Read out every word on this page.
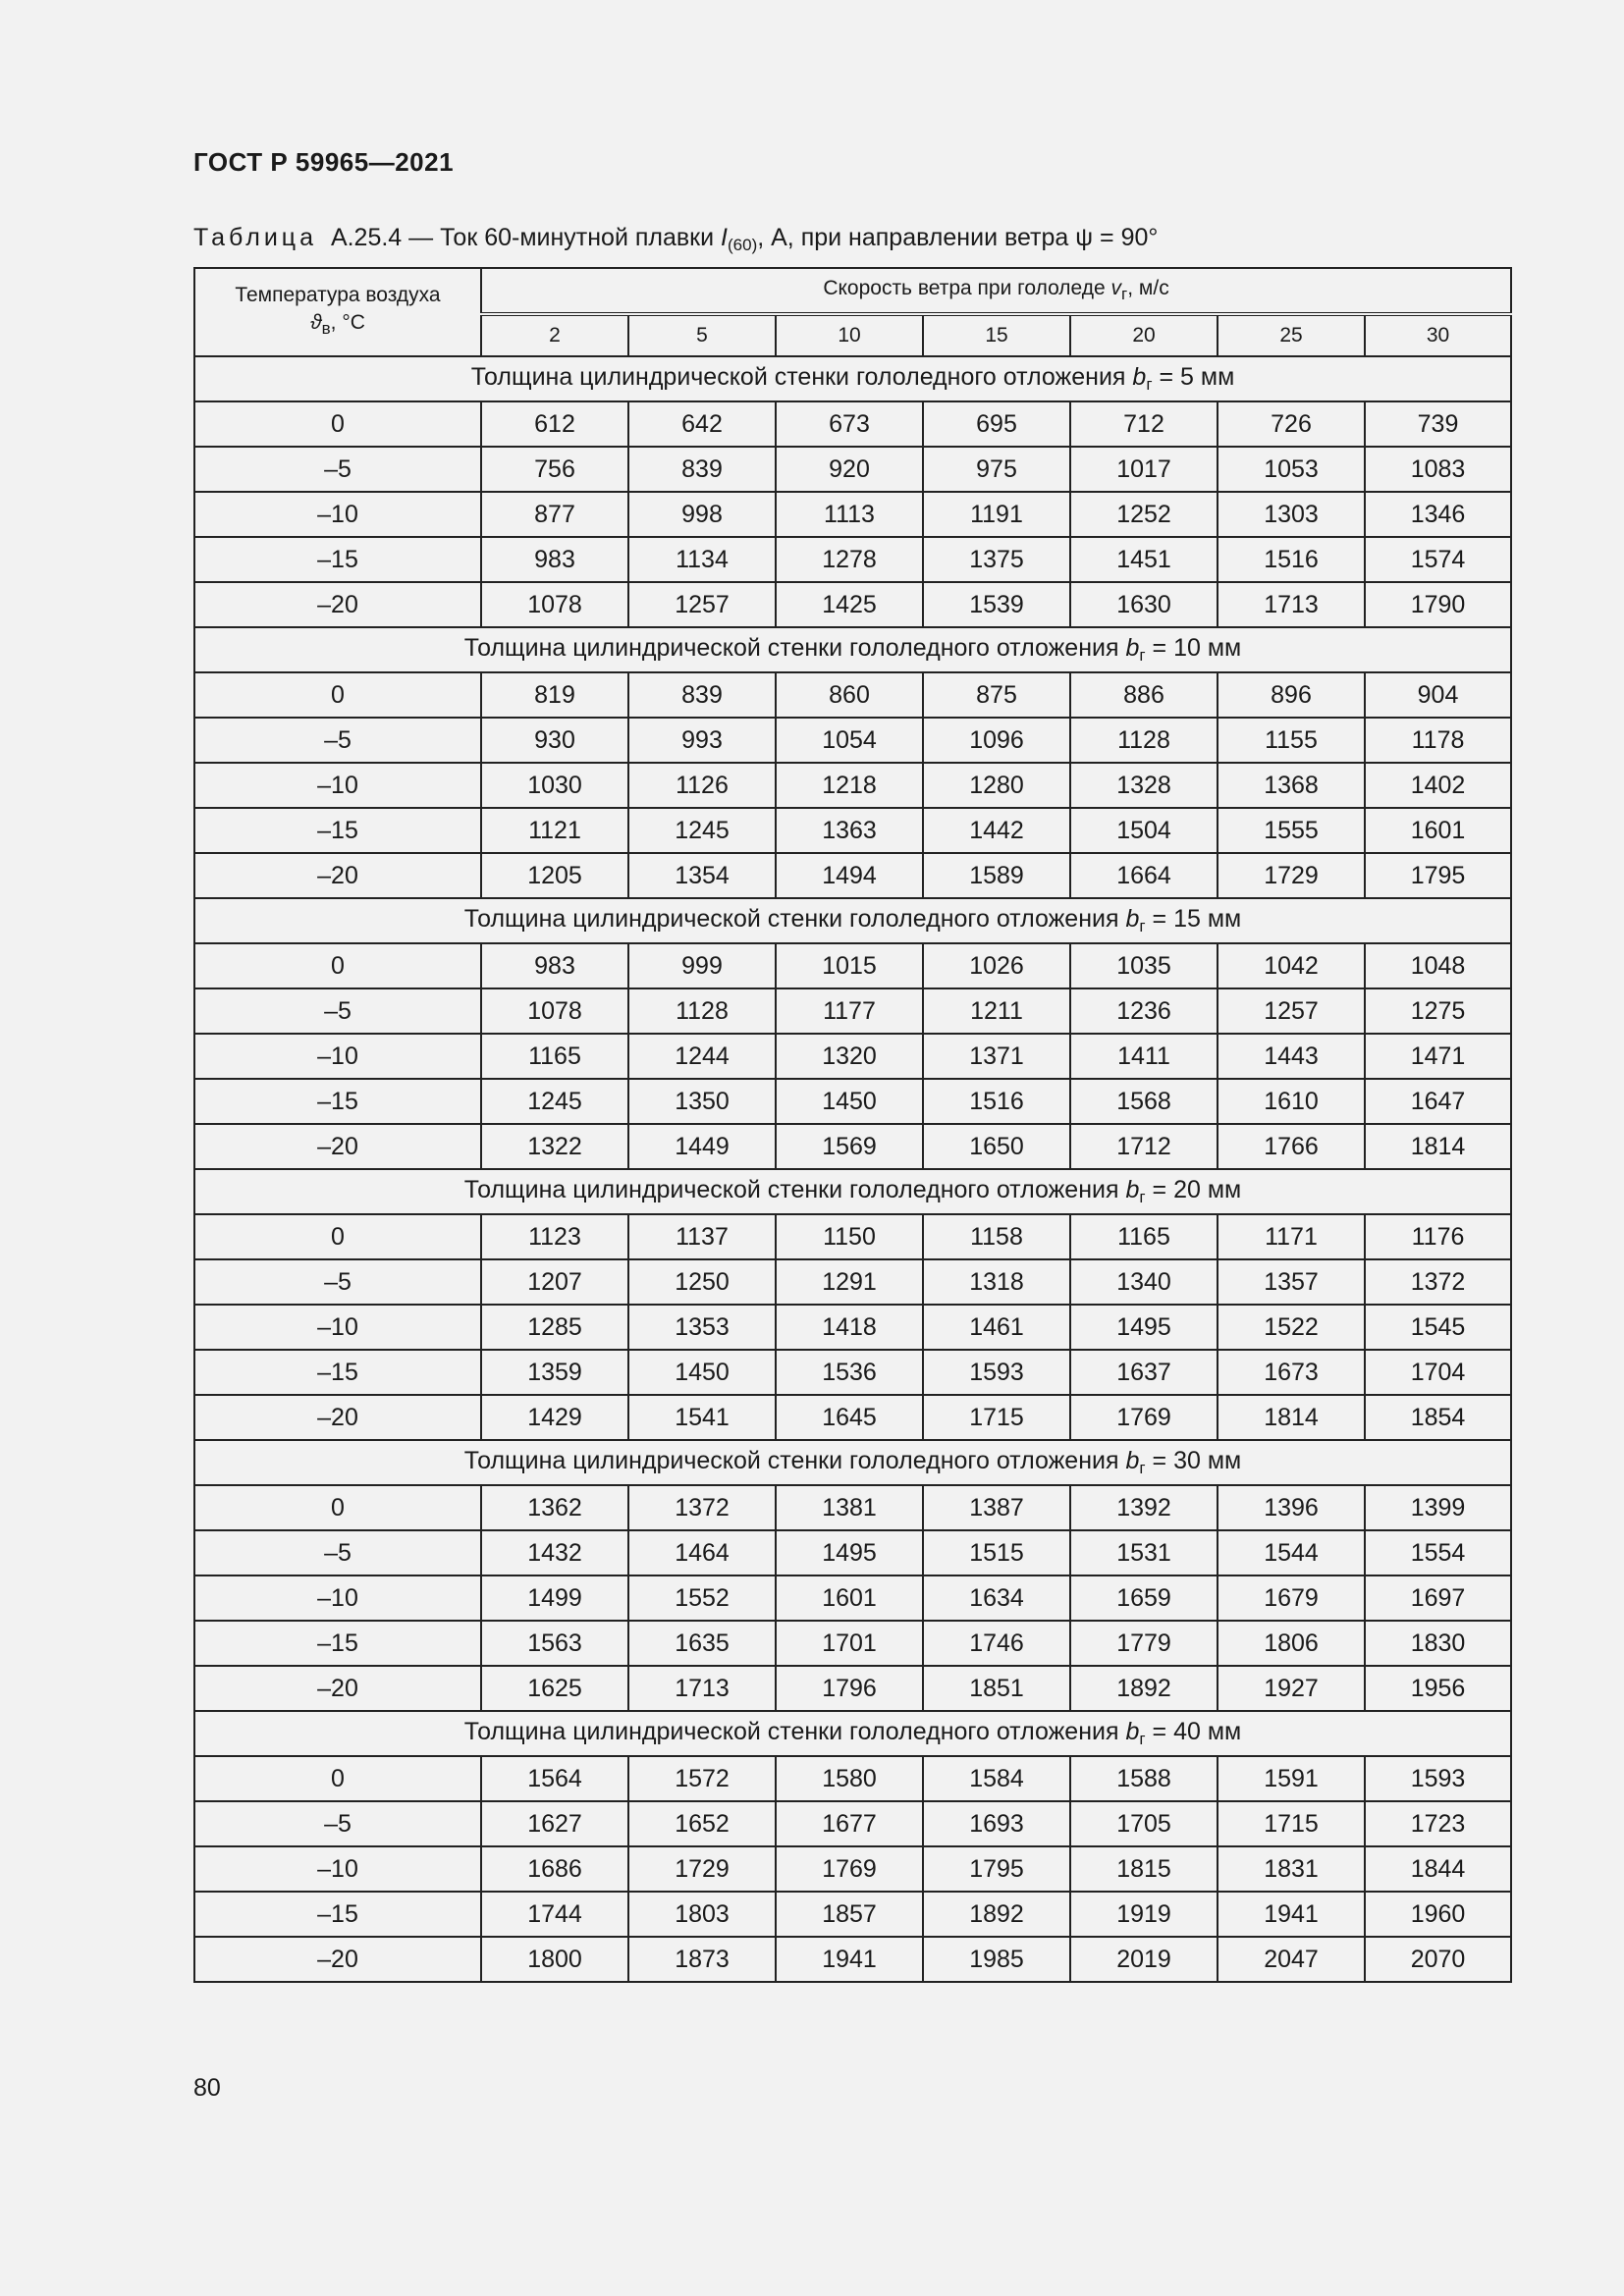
ГОСТ Р 59965—2021
Таблица А.25.4 — Ток 60-минутной плавки $I_{(60)}$, А, при направлении ветра ψ = 90°
Температура воздуха
$ϑ_в$, °С	Скорость ветра при гололеде $v_г$, м/с						
	2	5	10	15	20	25	30
Толщина цилиндрической стенки гололедного отложения $b_г = 5$ мм							
0	612	642	673	695	712	726	739
–5	756	839	920	975	1017	1053	1083
–10	877	998	1113	1191	1252	1303	1346
–15	983	1134	1278	1375	1451	1516	1574
–20	1078	1257	1425	1539	1630	1713	1790
Толщина цилиндрической стенки гололедного отложения $b_г = 10$ мм							
0	819	839	860	875	886	896	904
–5	930	993	1054	1096	1128	1155	1178
–10	1030	1126	1218	1280	1328	1368	1402
–15	1121	1245	1363	1442	1504	1555	1601
–20	1205	1354	1494	1589	1664	1729	1795
Толщина цилиндрической стенки гололедного отложения $b_г = 15$ мм							
0	983	999	1015	1026	1035	1042	1048
–5	1078	1128	1177	1211	1236	1257	1275
–10	1165	1244	1320	1371	1411	1443	1471
–15	1245	1350	1450	1516	1568	1610	1647
–20	1322	1449	1569	1650	1712	1766	1814
Толщина цилиндрической стенки гололедного отложения $b_г = 20$ мм							
0	1123	1137	1150	1158	1165	1171	1176
–5	1207	1250	1291	1318	1340	1357	1372
–10	1285	1353	1418	1461	1495	1522	1545
–15	1359	1450	1536	1593	1637	1673	1704
–20	1429	1541	1645	1715	1769	1814	1854
Толщина цилиндрической стенки гололедного отложения $b_г = 30$ мм							
0	1362	1372	1381	1387	1392	1396	1399
–5	1432	1464	1495	1515	1531	1544	1554
–10	1499	1552	1601	1634	1659	1679	1697
–15	1563	1635	1701	1746	1779	1806	1830
–20	1625	1713	1796	1851	1892	1927	1956
Толщина цилиндрической стенки гололедного отложения $b_г = 40$ мм							
0	1564	1572	1580	1584	1588	1591	1593
–5	1627	1652	1677	1693	1705	1715	1723
–10	1686	1729	1769	1795	1815	1831	1844
–15	1744	1803	1857	1892	1919	1941	1960
–20	1800	1873	1941	1985	2019	2047	2070
80
